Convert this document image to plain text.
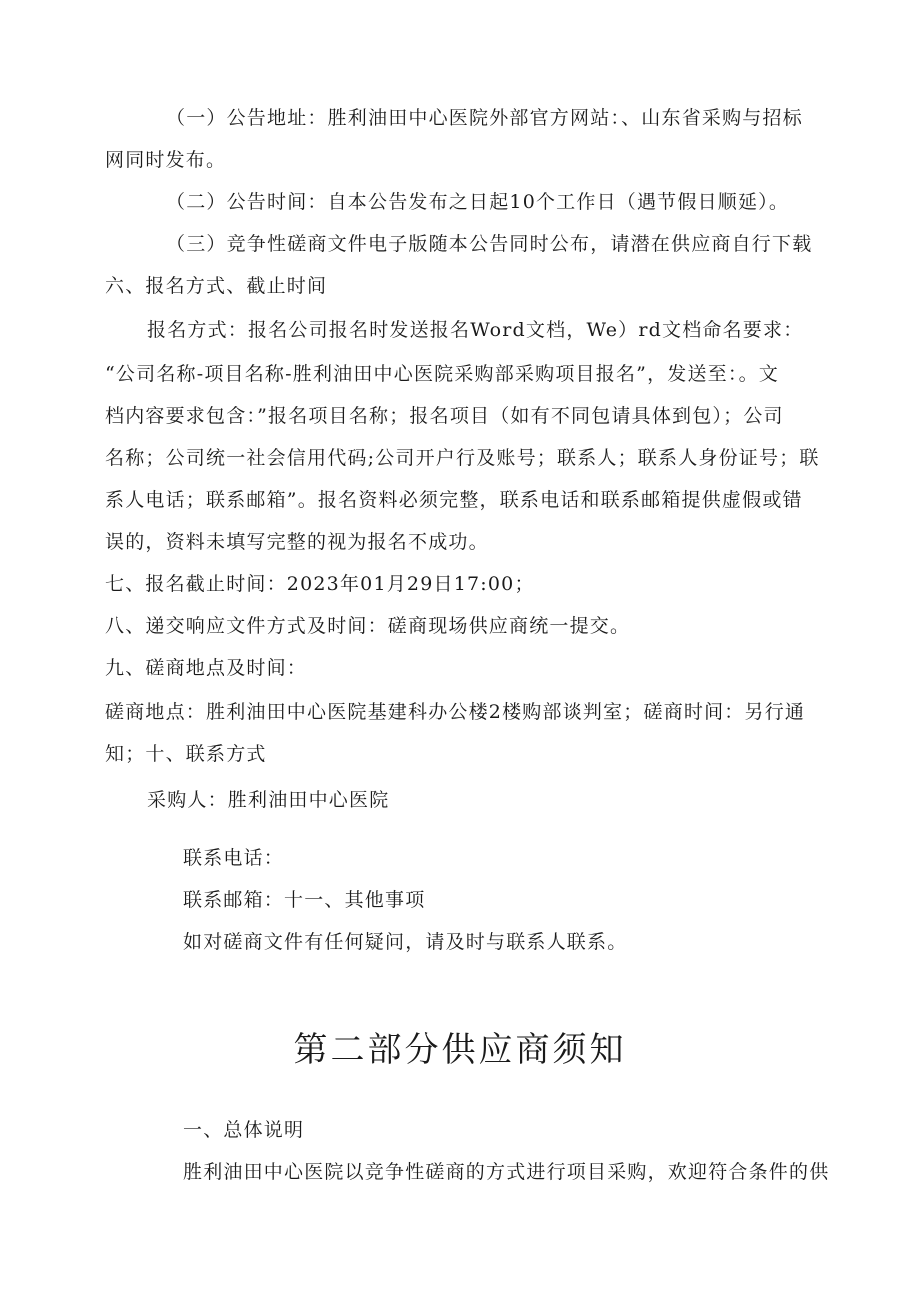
（一）公告地址：胜利油田中心医院外部官方网站：、山东省采购与招标
网同时发布。
（二）公告时间：自本公告发布之日起10个工作日（遇节假日顺延）。
（三）竞争性磋商文件电子版随本公告同时公布，请潜在供应商自行下载
六、报名方式、截止时间
报名方式：报名公司报名时发送报名Word文档，We）rd文档命名要求：
“公司名称-项目名称-胜利油田中心医院采购部采购项目报名”，发送至：。文
档内容要求包含：”报名项目名称；报名项目（如有不同包请具体到包）；公司
名称；公司统一社会信用代码;公司开户行及账号；联系人；联系人身份证号；联
系人电话；联系邮箱”。报名资料必须完整，联系电话和联系邮箱提供虚假或错
误的，资料未填写完整的视为报名不成功。
七、报名截止时间：2023年01月29日17:00；
八、递交响应文件方式及时间：磋商现场供应商统一提交。
九、磋商地点及时间：
磋商地点：胜利油田中心医院基建科办公楼2楼购部谈判室；磋商时间：另行通
知；十、联系方式
采购人：胜利油田中心医院
联系电话：
联系邮箱：十一、其他事项
如对磋商文件有任何疑问，请及时与联系人联系。
第二部分供应商须知
一、总体说明
胜利油田中心医院以竞争性磋商的方式进行项目采购，欢迎符合条件的供
